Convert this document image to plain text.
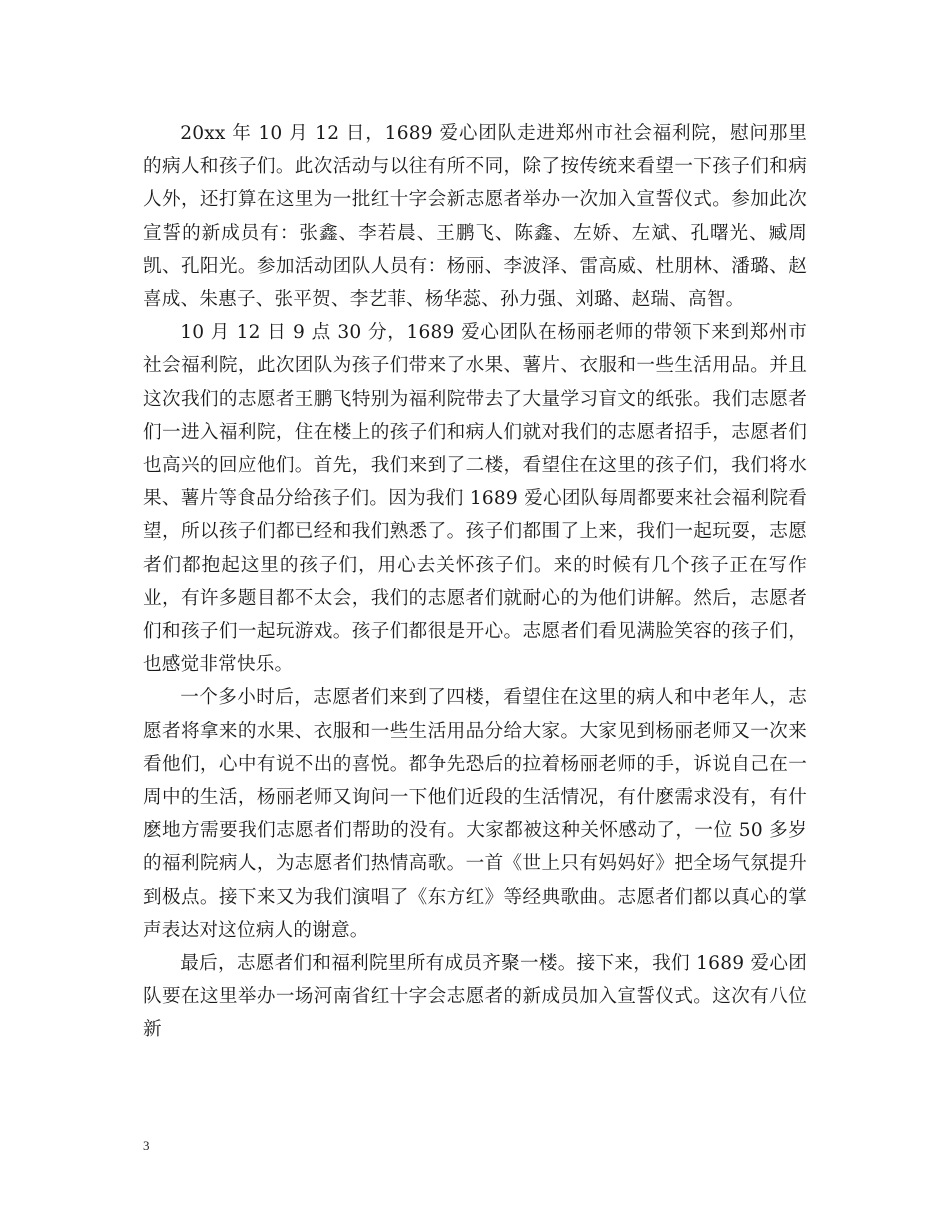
20xx 年 10 月 12 日，1689 爱心团队走进郑州市社会福利院，慰问那里的病人和孩子们。此次活动与以往有所不同，除了按传统来看望一下孩子们和病人外，还打算在这里为一批红十字会新志愿者举办一次加入宣誓仪式。参加此次宣誓的新成员有：张鑫、李若晨、王鹏飞、陈鑫、左娇、左斌、孔曙光、臧周凯、孔阳光。参加活动团队人员有：杨丽、李波泽、雷高威、杜朋林、潘璐、赵喜成、朱惠子、张平贺、李艺菲、杨华蕊、孙力强、刘璐、赵瑞、高智。

10 月 12 日 9 点 30 分，1689 爱心团队在杨丽老师的带领下来到郑州市社会福利院，此次团队为孩子们带来了水果、薯片、衣服和一些生活用品。并且这次我们的志愿者王鹏飞特别为福利院带去了大量学习盲文的纸张。我们志愿者们一进入福利院，住在楼上的孩子们和病人们就对我们的志愿者招手，志愿者们也高兴的回应他们。首先，我们来到了二楼，看望住在这里的孩子们，我们将水果、薯片等食品分给孩子们。因为我们 1689 爱心团队每周都要来社会福利院看望，所以孩子们都已经和我们熟悉了。孩子们都围了上来，我们一起玩耍，志愿者们都抱起这里的孩子们，用心去关怀孩子们。来的时候有几个孩子正在写作业，有许多题目都不太会，我们的志愿者们就耐心的为他们讲解。然后，志愿者们和孩子们一起玩游戏。孩子们都很是开心。志愿者们看见满脸笑容的孩子们，也感觉非常快乐。

一个多小时后，志愿者们来到了四楼，看望住在这里的病人和中老年人，志愿者将拿来的水果、衣服和一些生活用品分给大家。大家见到杨丽老师又一次来看他们，心中有说不出的喜悦。都争先恐后的拉着杨丽老师的手，诉说自己在一周中的生活，杨丽老师又询问一下他们近段的生活情况，有什麽需求没有，有什麽地方需要我们志愿者们帮助的没有。大家都被这种关怀感动了，一位 50 多岁的福利院病人，为志愿者们热情高歌。一首《世上只有妈妈好》把全场气氛提升到极点。接下来又为我们演唱了《东方红》等经典歌曲。志愿者们都以真心的掌声表达对这位病人的谢意。

最后，志愿者们和福利院里所有成员齐聚一楼。接下来，我们 1689 爱心团队要在这里举办一场河南省红十字会志愿者的新成员加入宣誓仪式。这次有八位新

3
